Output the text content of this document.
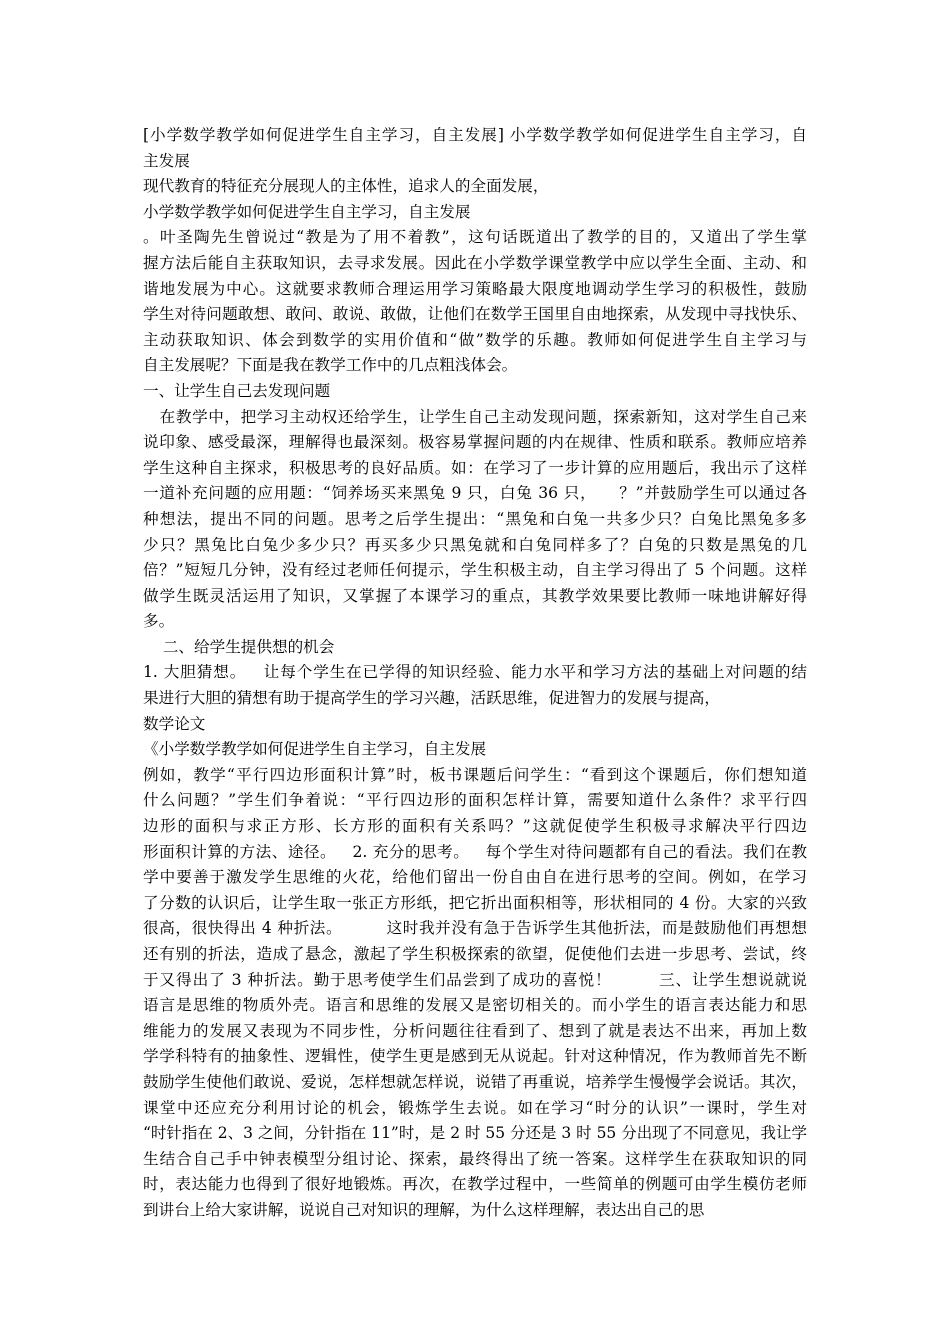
[小学数学教学如何促进学生自主学习，自主发展] 小学数学教学如何促进学生自主学习，自
主发展
现代教育的特征充分展现人的主体性，追求人的全面发展，
小学数学教学如何促进学生自主学习，自主发展
。叶圣陶先生曾说过“教是为了用不着教”，这句话既道出了教学的目的，又道出了学生掌
握方法后能自主获取知识，去寻求发展。因此在小学数学课堂教学中应以学生全面、主动、和
谐地发展为中心。这就要求教师合理运用学习策略最大限度地调动学生学习的积极性，鼓励
学生对待问题敢想、敢问、敢说、敢做，让他们在数学王国里自由地探索，从发现中寻找快乐、
主动获取知识、体会到数学的实用价值和“做”数学的乐趣。教师如何促进学生自主学习与
自主发展呢？下面是我在教学工作中的几点粗浅体会。
一、让学生自己去发现问题
在教学中，把学习主动权还给学生，让学生自己主动发现问题，探索新知，这对学生自己来
说印象、感受最深，理解得也最深刻。极容易掌握问题的内在规律、性质和联系。教师应培养
学生这种自主探求，积极思考的良好品质。如：在学习了一步计算的应用题后，我出示了这样
一道补充问题的应用题：“饲养场买来黑兔 9 只，白兔 36 只，    ？”并鼓励学生可以通过各
种想法，提出不同的问题。思考之后学生提出：“黑兔和白兔一共多少只？白兔比黑兔多多
少只？黑兔比白兔少多少只？再买多少只黑兔就和白兔同样多了？白兔的只数是黑兔的几
倍？”短短几分钟，没有经过老师任何提示，学生积极主动，自主学习得出了 5 个问题。这样
做学生既灵活运用了知识，又掌握了本课学习的重点，其教学效果要比教师一味地讲解好得
多。
二、给学生提供想的机会
1. 大胆猜想。   让每个学生在已学得的知识经验、能力水平和学习方法的基础上对问题的结
果进行大胆的猜想有助于提高学生的学习兴趣，活跃思维，促进智力的发展与提高，
数学论文
《小学数学教学如何促进学生自主学习，自主发展
例如，教学“平行四边形面积计算”时，板书课题后问学生：“看到这个课题后，你们想知道
什么问题？”学生们争着说：“平行四边形的面积怎样计算，需要知道什么条件？求平行四
边形的面积与求正方形、长方形的面积有关系吗？”这就促使学生积极寻求解决平行四边
形面积计算的方法、途径。   2. 充分的思考。   每个学生对待问题都有自己的看法。我们在教
学中要善于激发学生思维的火花，给他们留出一份自由自在进行思考的空间。例如，在学习
了分数的认识后，让学生取一张正方形纸，把它折出面积相等，形状相同的 4 份。大家的兴致
很高，很快得出 4 种折法。        这时我并没有急于告诉学生其他折法，而是鼓励他们再想想
还有别的折法，造成了悬念，激起了学生积极探索的欲望，促使他们去进一步思考、尝试，终
于又得出了 3 种折法。勤于思考使学生们品尝到了成功的喜悦！        三、让学生想说就说
语言是思维的物质外壳。语言和思维的发展又是密切相关的。而小学生的语言表达能力和思
维能力的发展又表现为不同步性，分析问题往往看到了、想到了就是表达不出来，再加上数
学学科特有的抽象性、逻辑性，使学生更是感到无从说起。针对这种情况，作为教师首先不断
鼓励学生使他们敢说、爱说，怎样想就怎样说，说错了再重说，培养学生慢慢学会说话。其次，
课堂中还应充分利用讨论的机会，锻炼学生去说。如在学习“时分的认识”一课时，学生对
“时针指在 2、3 之间，分针指在 11”时，是 2 时 55 分还是 3 时 55 分出现了不同意见，我让学
生结合自己手中钟表模型分组讨论、探索，最终得出了统一答案。这样学生在获取知识的同
时，表达能力也得到了很好地锻炼。再次，在教学过程中，一些简单的例题可由学生模仿老师
到讲台上给大家讲解，说说自己对知识的理解，为什么这样理解，表达出自己的思
